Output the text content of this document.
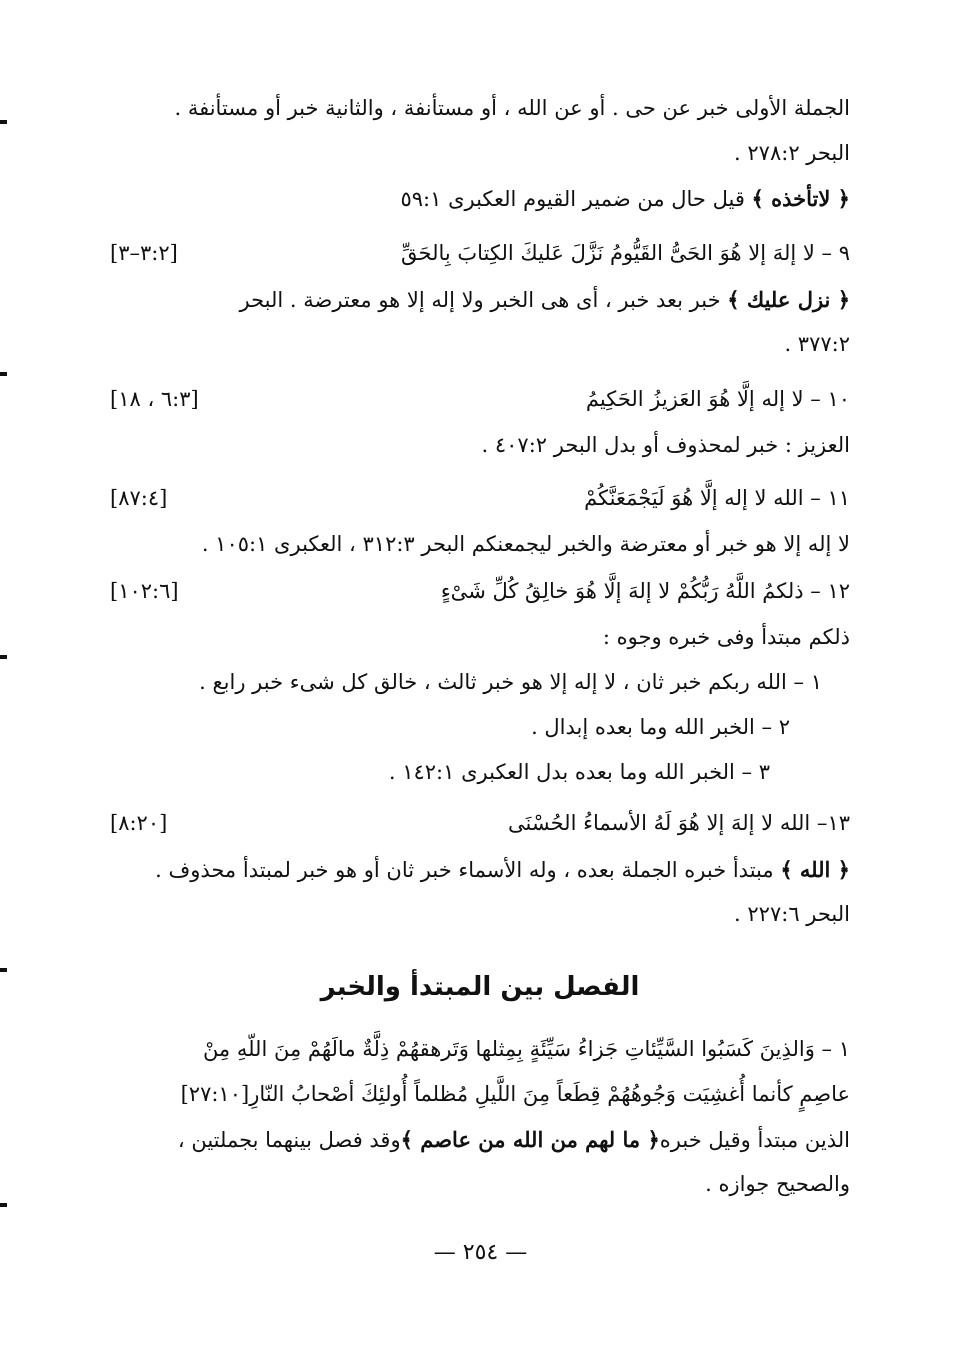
الجملة الأولى خبر عن حى . أو عن الله ، أو مستأنفة ، والثانية خبر أو مستأنفة .
البحر ٢٧٨:٢ .
﴿ لاتأخذه ﴾ قيل حال من ضمير القيوم العكبرى ٥٩:١
٩ – لا إلهَ إلا هُوَ الحَىُّ القَيُّومُ نَزَّلَ عَليكَ الكِتابَ بِالحَقِّ
[٣:٢–٣]
﴿ نزل عليك ﴾ خبر بعد خبر ، أى هى الخبر ولا إله إلا هو معترضة . البحر
٣٧٧:٢ .
١٠ – لا إله إلَّا هُوَ العَزيزُ الحَكِيمُ
[٦:٣ ، ١٨]
العزيز : خبر لمحذوف أو بدل البحر ٤٠٧:٢ .
١١ – الله لا إله إلَّا هُوَ لَيَجْمَعَنَّكُمْ
[٨٧:٤]
لا إله إلا هو خبر أو معترضة والخبر ليجمعنكم البحر ٣١٢:٣ ، العكبرى ١٠٥:١ .
١٢ – ذلكمُ اللَّهُ رَبُّكُمْ لا إلهَ إلَّا هُوَ خالِقُ كُلِّ شَىْءٍ
[١٠٢:٦]
ذلكم مبتدأ وفى خبره وجوه :
١ – الله ربكم خبر ثان ، لا إله إلا هو خبر ثالث ، خالق كل شىء خبر رابع .
٢ – الخبر الله وما بعده إبدال .
٣ – الخبر الله وما بعده بدل العكبرى ١٤٢:١ .
١٣– الله لا إلهَ إلا هُوَ لَهُ الأسماءُ الحُسْنَى
[٨:٢٠]
﴿ الله ﴾ مبتدأ خبره الجملة بعده ، وله الأسماء خبر ثان أو هو خبر لمبتدأ محذوف .
البحر ٢٢٧:٦ .
الفصل بين المبتدأ والخبر
١ – وَالذِينَ كَسَبُوا السَّيِّئاتِ جَزاءُ سَيِّئَةٍ بِمِثلها وَتَرهقهُمْ ذِلَّةٌ مالَهُمْ مِنَ اللّهِ مِنْ
عاصِمٍ كأنما أُغشِيَت وَجُوهُهُمْ قِطَعاً مِنَ اللَّيلِ مُظلماً أُولئِكَ أصْحابُ النّارِ[٢٧:١٠]
الذين مبتدأ وقيل خبره﴿ ما لهم من الله من عاصم ﴾وقد فصل بينهما بجملتين ،
والصحيح جوازه .
— ٢٥٤ —
